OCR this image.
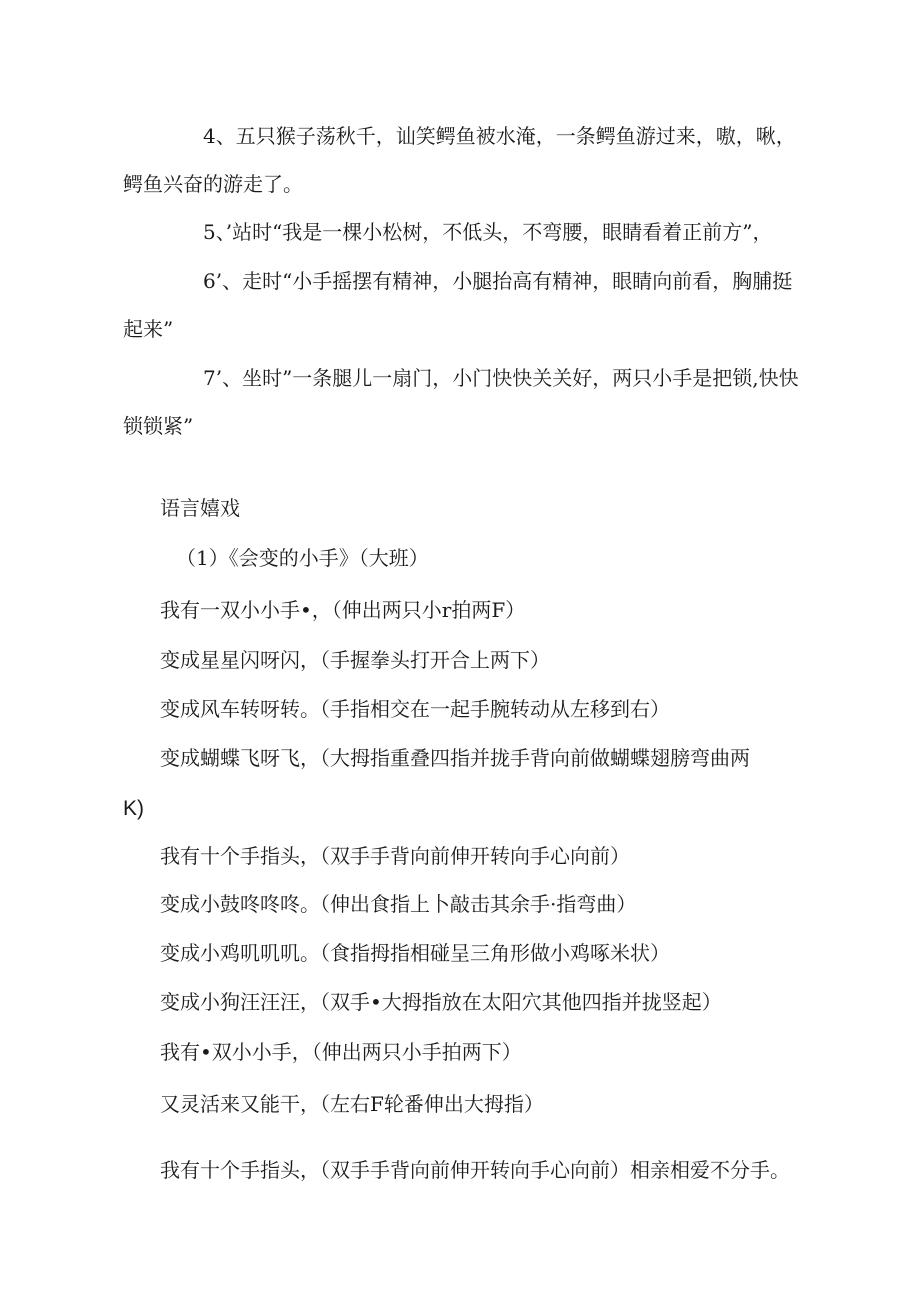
4、五只猴子荡秋千，讪笑鳄鱼被水淹，一条鳄鱼游过来，嗷，啾，
鳄鱼兴奋的游走了。
5、’站时“我是一棵小松树，不低头，不弯腰，眼睛看着正前方”，
6’、走时“小手摇摆有精神，小腿抬高有精神，眼睛向前看，胸脯挺
起来”
7’、坐时”一条腿儿一扇门，小门快快关关好，两只小手是把锁,快快
锁锁紧”
语言嬉戏
（1）《会变的小手》（大班）
我有一双小小手•，（伸出两只小r拍两F）
变成星星闪呀闪，（手握拳头打开合上两下）
变成风车转呀转。（手指相交在一起手腕转动从左移到右）
变成蝴蝶飞呀飞，（大拇指重叠四指并拢手背向前做蝴蝶翅膀弯曲两
K)
我有十个手指头，（双手手背向前伸开转向手心向前）
变成小鼓咚咚咚。（伸出食指上卜敲击其余手·指弯曲）
变成小鸡叽叽叽。（食指拇指相碰呈三角形做小鸡啄米状）
变成小狗汪汪汪，（双手•大拇指放在太阳穴其他四指并拢竖起）
我有•双小小手，（伸出两只小手拍两下）
又灵活来又能干，（左右F轮番伸出大拇指）
我有十个手指头，（双手手背向前伸开转向手心向前）相亲相爱不分手。
